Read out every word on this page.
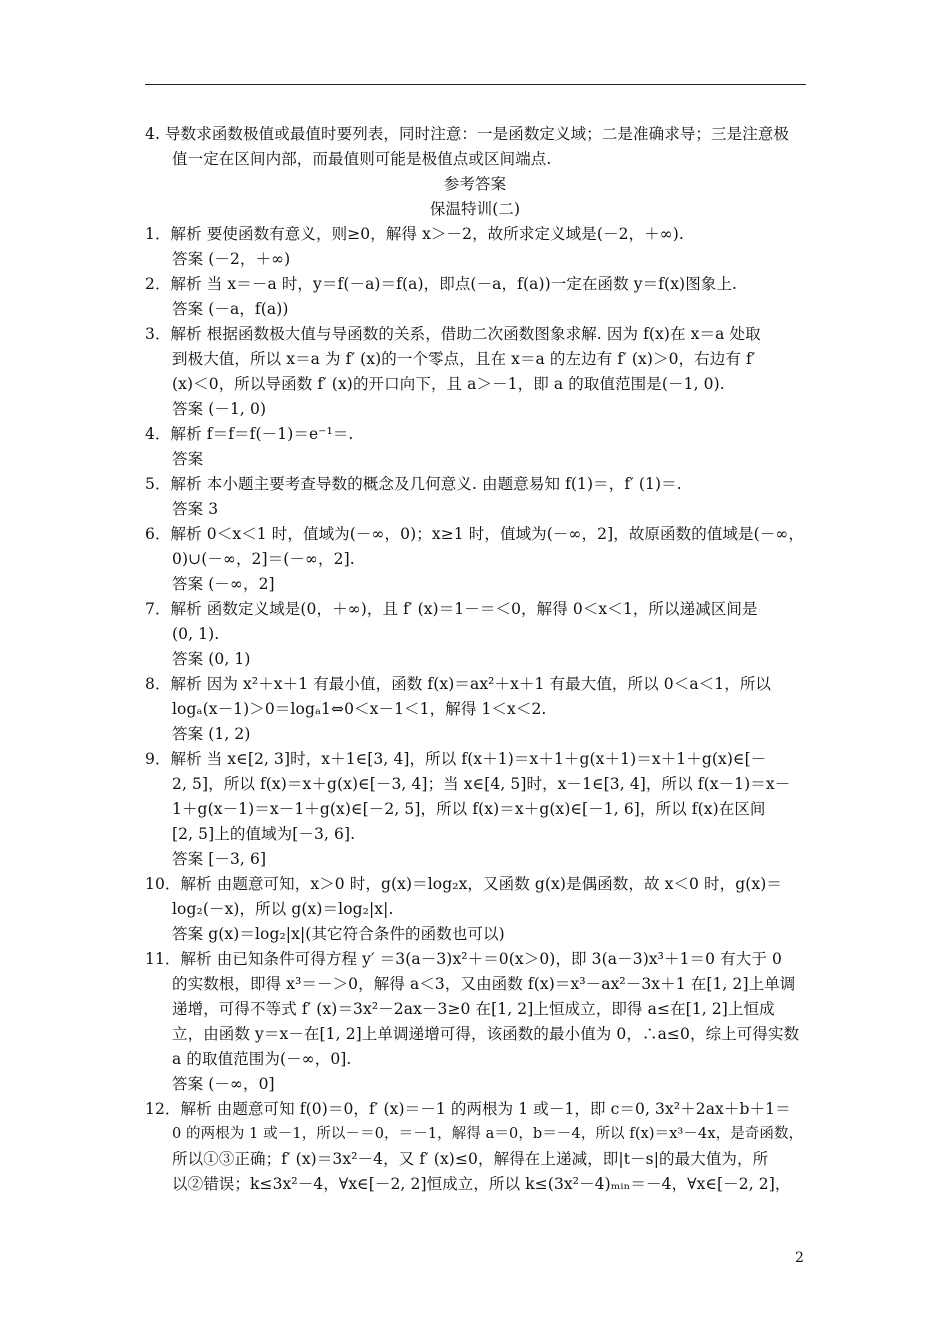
4. 导数求函数极值或最值时要列表，同时注意：一是函数定义域；二是准确求导；三是注意极
值一定在区间内部，而最值则可能是极值点或区间端点.
参考答案
保温特训(二)
1．解析 要使函数有意义，则≥0，解得 x＞－2，故所求定义域是(－2，＋∞).
答案 (－2，＋∞)
2．解析 当 x＝－a 时，y＝f(－a)＝f(a)，即点(－a，f(a))一定在函数 y＝f(x)图象上.
答案 (－a，f(a))
3．解析 根据函数极大值与导函数的关系，借助二次函数图象求解. 因为 f(x)在 x＝a 处取
到极大值，所以 x＝a 为 f′ (x)的一个零点，且在 x＝a 的左边有 f′ (x)＞0，右边有 f′
(x)＜0，所以导函数 f′ (x)的开口向下，且 a＞－1，即 a 的取值范围是(－1, 0).
答案 (－1, 0)
4．解析 f＝f＝f(－1)＝e⁻¹＝.
答案
5．解析 本小题主要考查导数的概念及几何意义. 由题意易知 f(1)＝，f′ (1)＝.
答案 3
6．解析 0＜x＜1 时，值域为(－∞，0)；x≥1 时，值域为(－∞，2]，故原函数的值域是(－∞，
0)∪(－∞，2]＝(－∞，2].
答案 (－∞，2]
7．解析 函数定义域是(0，＋∞)，且 f′ (x)＝1－＝＜0，解得 0＜x＜1，所以递减区间是
(0, 1).
答案 (0, 1)
8．解析 因为 x²＋x＋1 有最小值，函数 f(x)＝ax²＋x＋1 有最大值，所以 0＜a＜1，所以
logₐ(x－1)＞0＝logₐ1⇔0＜x－1＜1，解得 1＜x＜2.
答案 (1, 2)
9．解析 当 x∈[2, 3]时，x＋1∈[3, 4]，所以 f(x＋1)＝x＋1＋g(x＋1)＝x＋1＋g(x)∈[－
2, 5]，所以 f(x)＝x＋g(x)∈[－3, 4]；当 x∈[4, 5]时，x－1∈[3, 4]，所以 f(x－1)＝x－
1＋g(x－1)＝x－1＋g(x)∈[－2, 5]，所以 f(x)＝x＋g(x)∈[－1, 6]，所以 f(x)在区间
[2, 5]上的值域为[－3, 6].
答案 [－3, 6]
10．解析 由题意可知，x＞0 时，g(x)＝log₂x，又函数 g(x)是偶函数，故 x＜0 时，g(x)＝
log₂(－x)，所以 g(x)＝log₂|x|.
答案 g(x)＝log₂|x|(其它符合条件的函数也可以)
11．解析 由已知条件可得方程 y′ ＝3(a－3)x²＋＝0(x＞0)，即 3(a－3)x³＋1＝0 有大于 0
的实数根，即得 x³＝－＞0，解得 a＜3，又由函数 f(x)＝x³－ax²－3x＋1 在[1, 2]上单调
递增，可得不等式 f′ (x)＝3x²－2ax－3≥0 在[1, 2]上恒成立，即得 a≤在[1, 2]上恒成
立，由函数 y＝x－在[1, 2]上单调递增可得，该函数的最小值为 0，∴a≤0，综上可得实数
a 的取值范围为(－∞，0].
答案 (－∞，0]
12．解析 由题意可知 f(0)＝0，f′ (x)＝－1 的两根为 1 或－1，即 c＝0, 3x²＋2ax＋b＋1＝
0 的两根为 1 或－1，所以－＝0，＝－1，解得 a＝0，b＝－4，所以 f(x)＝x³－4x，是奇函数，
所以①③正确；f′ (x)＝3x²－4，又 f′ (x)≤0，解得在上递减，即|t－s|的最大值为，所
以②错误；k≤3x²－4，∀x∈[－2, 2]恒成立，所以 k≤(3x²－4)ₘᵢₙ＝－4，∀x∈[－2, 2]，
2
